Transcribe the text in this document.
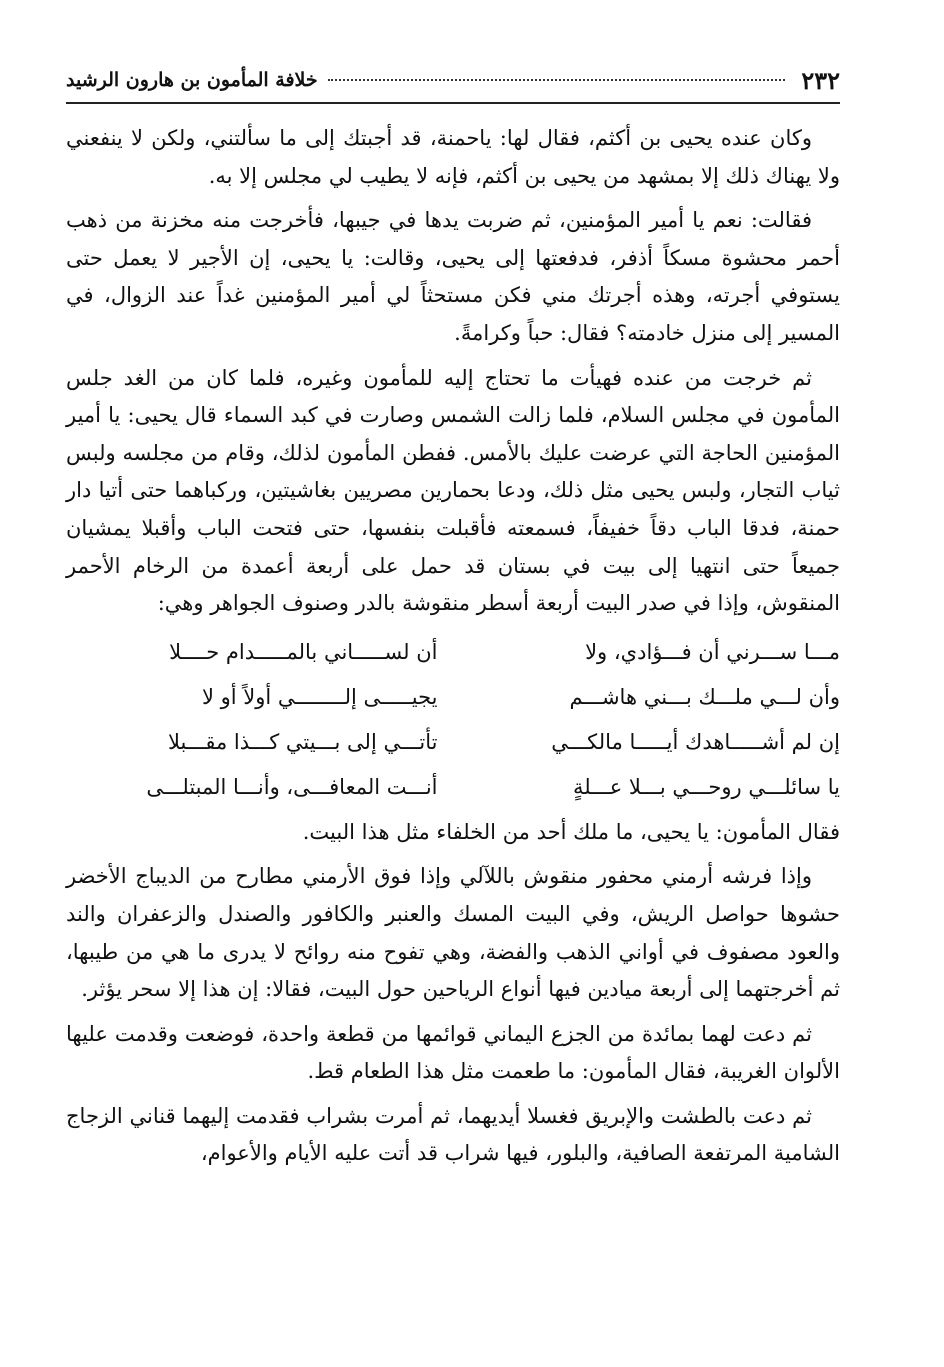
٢٣٢
خلافة المأمون بن هارون الرشيد

وكان عنده يحيى بن أكثم، فقال لها: ياحمنة، قد أجبتك إلى ما سألتني، ولكن لا ينفعني ولا يهناك ذلك إلا بمشهد من يحيى بن أكثم، فإنه لا يطيب لي مجلس إلا به.

فقالت: نعم يا أمير المؤمنين، ثم ضربت يدها في جيبها، فأخرجت منه مخزنة من ذهب أحمر محشوة مسكاً أذفر، فدفعتها إلى يحيى، وقالت: يا يحيى، إن الأجير لا يعمل حتى يستوفي أجرته، وهذه أجرتك مني فكن مستحثاً لي أمير المؤمنين غداً عند الزوال، في المسير إلى منزل خادمته؟ فقال: حباً وكرامةً.

ثم خرجت من عنده فهيأت ما تحتاج إليه للمأمون وغيره، فلما كان من الغد جلس المأمون في مجلس السلام، فلما زالت الشمس وصارت في كبد السماء قال يحيى: يا أمير المؤمنين الحاجة التي عرضت عليك بالأمس. ففطن المأمون لذلك، وقام من مجلسه ولبس ثياب التجار، ولبس يحيى مثل ذلك، ودعا بحمارين مصريين بغاشيتين، وركباهما حتى أتيا دار حمنة، فدقا الباب دقاً خفيفاً، فسمعته فأقبلت بنفسها، حتى فتحت الباب وأقبلا يمشيان جميعاً حتى انتهيا إلى بيت في بستان قد حمل على أربعة أعمدة من الرخام الأحمر المنقوش، وإذا في صدر البيت أربعة أسطر منقوشة بالدر وصنوف الجواهر وهي:

مـــا ســـرني أن فـــؤادي، ولا
أن لســـــاني بالمـــــدام حــــلا
وأن لـــي ملـــك بـــني هاشـــم
يجيـــــى إلــــــــي أولاً أو لا
إن لم أشـــــاهدك أيـــــا مالكـــي
تأتـــي إلى بـــيتي كـــذا مقـــبلا
يا سائلـــي روحـــي بـــلا عـــلةٍ
أنـــت المعافـــى، وأنـــا المبتلـــى

فقال المأمون: يا يحيى، ما ملك أحد من الخلفاء مثل هذا البيت.

وإذا فرشه أرمني محفور منقوش باللآلي وإذا فوق الأرمني مطارح من الديباج الأخضر حشوها حواصل الريش، وفي البيت المسك والعنبر والكافور والصندل والزعفران والند والعود مصفوف في أواني الذهب والفضة، وهي تفوح منه روائح لا يدرى ما هي من طيبها، ثم أخرجتهما إلى أربعة ميادين فيها أنواع الرياحين حول البيت، فقالا: إن هذا إلا سحر يؤثر.

ثم دعت لهما بمائدة من الجزع اليماني قوائمها من قطعة واحدة، فوضعت وقدمت عليها الألوان الغريبة، فقال المأمون: ما طعمت مثل هذا الطعام قط.

ثم دعت بالطشت والإبريق فغسلا أيديهما، ثم أمرت بشراب فقدمت إليهما قناني الزجاج الشامية المرتفعة الصافية، والبلور، فيها شراب قد أتت عليه الأيام والأعوام،
